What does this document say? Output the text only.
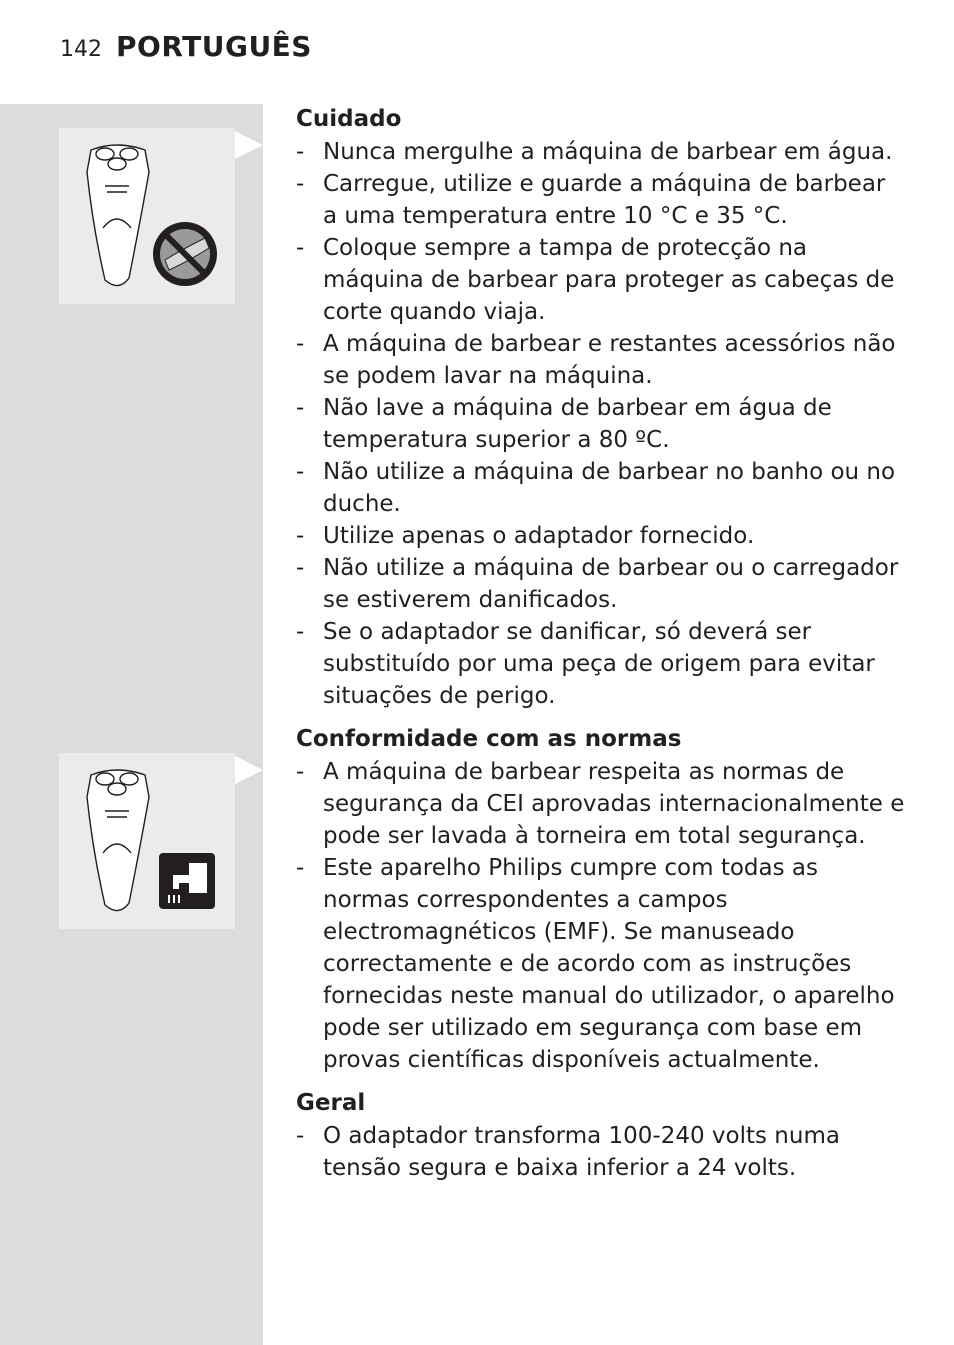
142 PORTUGUÊS
Cuidado
- Nunca mergulhe a máquina de barbear em água.
- Carregue, utilize e guarde a máquina de barbear a uma temperatura entre 10 °C e 35 °C.
- Coloque sempre a tampa de protecção na máquina de barbear para proteger as cabeças de corte quando viaja.
- A máquina de barbear e restantes acessórios não se podem lavar na máquina.
- Não lave a máquina de barbear em água de temperatura superior a 80 ºC.
- Não utilize a máquina de barbear no banho ou no duche.
- Utilize apenas o adaptador fornecido.
- Não utilize a máquina de barbear ou o carregador se estiverem danificados.
- Se o adaptador se danificar, só deverá ser substituído por uma peça de origem para evitar situações de perigo.
Conformidade com as normas
- A máquina de barbear respeita as normas de segurança da CEI aprovadas internacionalmente e pode ser lavada à torneira em total segurança.
- Este aparelho Philips cumpre com todas as normas correspondentes a campos electromagnéticos (EMF). Se manuseado correctamente e de acordo com as instruções fornecidas neste manual do utilizador, o aparelho pode ser utilizado em segurança com base em provas científicas disponíveis actualmente.
Geral
- O adaptador transforma 100-240 volts numa tensão segura e baixa inferior a 24 volts.
